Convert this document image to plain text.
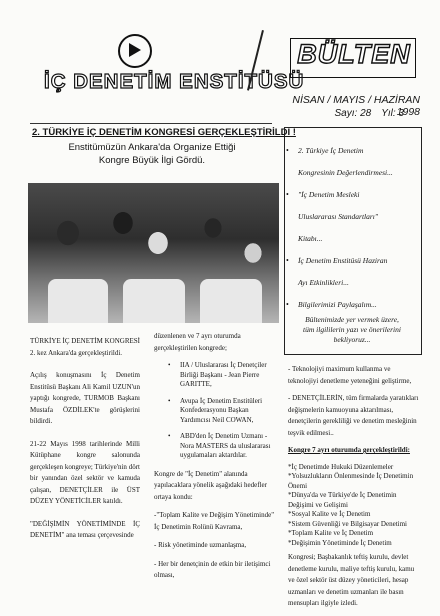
İÇ DENETİM ENSTİTÜSÜ
BÜLTEN
NİSAN / MAYIS / HAZİRAN 1998
Sayı: 28 Yıl: 3
2. TÜRKİYE İÇ DENETİM KONGRESİ GERÇEKLEŞTİRİLDİ !
Enstitümüzün Ankara'da Organize Ettiği
Kongre Büyük İlgi Gördü.
• 2. Türkiye İç Denetim
Kongresinin Değerlendirmesi...
• "İç Denetim Mesleki
Uluslararası Standartları"
Kitabı...
• İç Denetim Enstitüsü Haziran
Ayı Etkinlikleri...
• Bilgilerimizi Paylaşalım...
Bültenimizde yer vermek üzere,
tüm ilgililerin yazı ve önerilerini
bekliyoruz...

TÜRKİYE İÇ DENETİM KONGRESİ 2. kez Ankara'da gerçekleştirildi.

Açılış konuşmasını İç Denetim Enstitüsü Başkanı Ali Kamil UZUN'un yaptığı kongrede, TURMOB Başkanı Mustafa ÖZDİLEK'te görüşlerini bildirdi.

21-22 Mayıs 1998 tarihlerinde Milli Kütüphane kongre salonunda gerçekleşen kongreye; Türkiye'nin dört bir yanından özel sektör ve kamuda çalışan, DENETÇİLER ile ÜST DÜZEY YÖNETİCİLER katıldı.

"DEĞİŞİMİN YÖNETİMİNDE İÇ DENETİM" ana teması çerçevesinde

düzenlenen ve 7 ayrı oturumda gerçekleştirilen kongrede;

• IIA / Uluslararası İç Denetçiler Birliği Başkanı - Jean Pierre GARITTE,
• Avupa İç Denetim Enstitüleri Konfederasyonu Başkan Yardımcısı Neil COWAN,
• ABD'den İç Denetim Uzmanı - Nora MASTERS da uluslararası uygulamaları aktardılar.

Kongre de "İç Denetim" alanında yapılacaklara yönelik aşağıdaki hedefler ortaya kondu:

-"Toplam Kalite ve Değişim Yönetiminde" İç Denetimin Rolünü Kavrama,

- Risk yönetiminde uzmanlaşma,

- Her bir denetçinin de etkin bir iletişimci olması,

- Teknolojiyi maximum kullanma ve teknolojiyi denetleme yeteneğini geliştirme,

- DENETÇİLERİN, tüm firmalarda yaratıkları değişmelerin kamuoyuna aktarılması, denetçilerin gerekliliği ve denetim mesleğinin teşvik edilmesi..

Kongre 7 ayrı oturumda gerçekleştirildi:

*İç Denetimde Hukuki Düzenlemeler
*Yolsuzlukların Önlenmesinde İç Denetimin Önemi
*Dünya'da ve Türkiye'de İç Denetimin Değişimi ve Gelişimi
*Sosyal Kalite ve İç Denetim
*Sistem Güvenliği ve Bilgisayar Denetimi
*Toplam Kalite ve İç Denetim
*Değişimin Yönetiminde İç Denetim

Kongresi; Başbakanlık teftiş kurulu, devlet denetleme kurulu, maliye teftiş kurulu, kamu ve özel sektör üst düzey yöneticileri, hesap uzmanları ve denetim uzmanları ile basın mensupları ilgiyle izledi.
